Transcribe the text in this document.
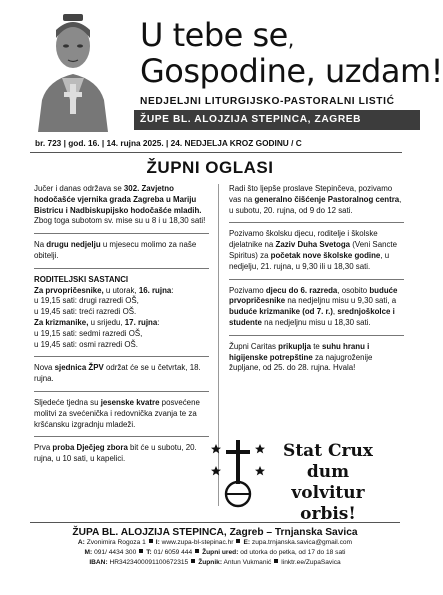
U tebe se,
Gospodine, uzdam!
NEDJELJNI LITURGIJSKO-PASTORALNI LISTIĆ
ŽUPE BL. ALOJZIJA STEPINCA, ZAGREB
br. 723 | god. 16. | 14. rujna 2025. | 24. NEDJELJA KROZ GODINU / C
ŽUPNI OGLASI
Jučer i danas održava se 302. Zavjetno hodočašće vjernika grada Zagreba u Mariju Bistricu i Nadbiskupijsko hodočašće mladih. Zbog toga subotom sv. mise su u 8 i u 18,30 sati!
Na drugu nedjelju u mjesecu molimo za naše obitelji.
RODITELJSKI SASTANCI
Za prvopričesnike, u utorak, 16. rujna:
u 19,15 sati: drugi razredi OŠ,
u 19,45 sati: treći razredi OŠ.
Za krizmanike, u srijedu, 17. rujna:
u 19,15 sati: sedmi razredi OŠ,
u 19,45 sati: osmi razredi OŠ.
Nova sjednica ŽPV održat će se u četvrtak, 18. rujna.
Sljedeće tjedna su jesenske kvatre posvećene molitvi za svećenička i redovnička zvanja te za kršćansku izgradnju mladeži.
Prva proba Dječjeg zbora bit će u subotu, 20. rujna, u 10 sati, u kapelici.
Radi što ljepše proslave Stepinčeva, pozivamo vas na generalno čišćenje Pastoralnog centra, u subotu, 20. rujna, od 9 do 12 sati.
Pozivamo školsku djecu, roditelje i školske djelatnike na Zaziv Duha Svetoga (Veni Sancte Spiritus) za početak nove školske godine, u nedjelju, 21. rujna, u 9,30 ili u 18,30 sati.
Pozivamo djecu do 6. razreda, osobito buduće prvopričesnike na nedjeljnu misu u 9,30 sati, a buduće krizmanike (od 7. r.), srednjoškolce i studente na nedjeljnu misu u 18,30 sati.
Župni Caritas prikuplja te suhu hranu i higijenske potrepštine za najugroženije župljane, od 25. do 28. rujna. Hvala!
Stat Crux
dum volvitur
orbis!
ŽUPA BL. ALOJZIJA STEPINCA, Zagreb – Trnjanska Savica
A: Zvonimira Rogoza 1 I: www.zupa-bl-stepinac.hr E: zupa.trnjanska.savica@gmail.com
M: 091/ 4434 300 T: 01/ 6059 444 Župni ured: od utorka do petka, od 17 do 18 sati
IBAN: HR3423400091100672315 Župnik: Antun Vukmanić linktr.ee/ZupaSavica
